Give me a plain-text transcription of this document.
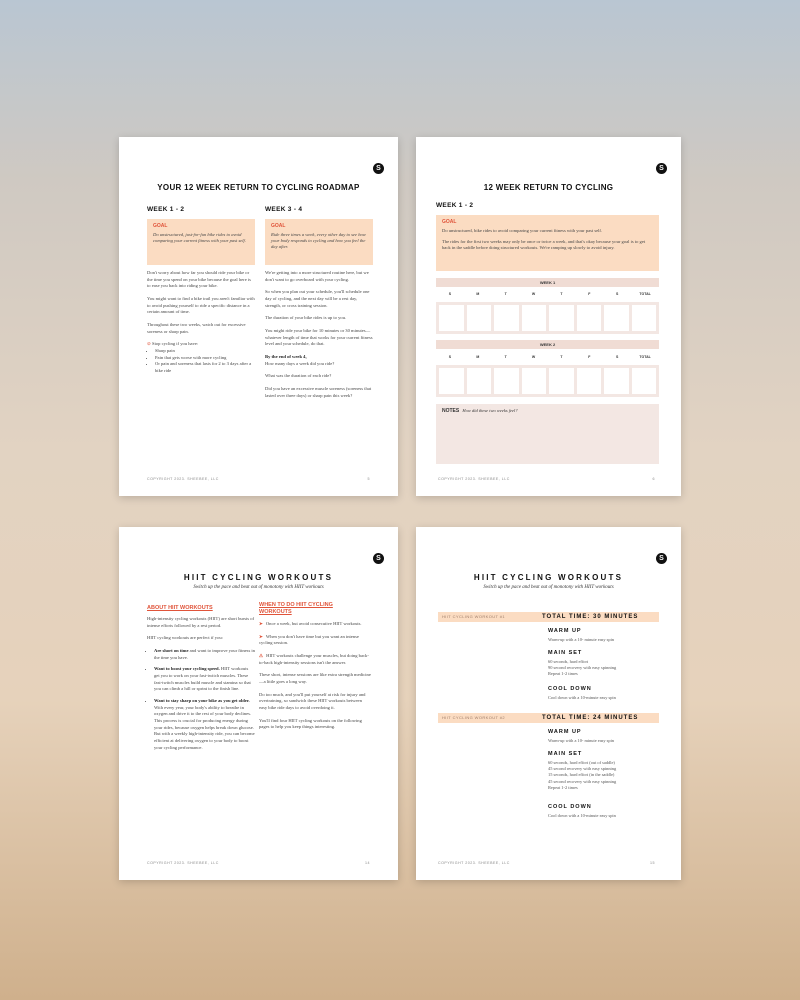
S
YOUR 12 WEEK RETURN TO CYCLING ROADMAP
WEEK 1 - 2
GOAL
Do unstructured, just-for-fun bike rides to avoid comparing your current fitness with your past self.

Don't worry about how far you should ride your bike or the time you spend on your bike because the goal here is to ease you back into riding your bike.

You might want to find a bike trail you aren't familiar with to avoid pushing yourself to ride a specific distance in a certain amount of time.

Throughout these two weeks, watch out for excessive soreness or sharp pain.

⊘ Stop cycling if you have:
• Sharp pain
• Pain that gets worse with more cycling
• Or pain and soreness that lasts for 2 to 3 days after a bike ride
WEEK 3 - 4
GOAL
Ride three times a week, every other day to see how your body responds to cycling and how you feel the day after.

We're getting into a more structured routine here, but we don't want to go overboard with your cycling.

So when you plan out your schedule, you'll schedule one day of cycling, and the next day will be a rest day, strength, or cross training session.

The duration of your bike rides is up to you.

You might ride your bike for 10 minutes or 30 minutes—whatever length of time that works for your current fitness level and your schedule, do that.

By the end of week 4,

How many days a week did you ride?

What was the duration of each ride?

Did you have an excessive muscle soreness (soreness that lasted over three days) or sharp pain this week?

COPYRIGHT 2023. SHEEBEE, LLC	5
S
12 WEEK RETURN TO CYCLING
WEEK 1 - 2
GOAL
Do unstructured, bike rides to avoid comparing your current fitness with your past self.
The rides for the first two weeks may only be once or twice a week, and that's okay because your goal is to get back in the saddle before doing structured workouts. We're ramping up slowly to avoid injury.
WEEK 1
S	M	T	W	T	F	S	TOTAL
WEEK 2
S	M	T	W	T	F	S	TOTAL
NOTES How did these two weeks feel?
COPYRIGHT 2023. SHEEBEE, LLC	6
S
HIIT CYCLING WORKOUTS
Switch up the pace and beat out of monotony with HIIT workouts
ABOUT HIIT WORKOUTS

High-intensity cycling workouts (HIIT) are short bursts of intense efforts followed by a rest period.

HIIT cycling workouts are perfect if you:

• Are short on time and want to improve your fitness in the time you have.
• Want to boost your cycling speed. HIIT workouts get you to work on your fast-twitch muscles. These fast-twitch muscles build muscle and stamina so that you can climb a hill or sprint to the finish line.
• Want to stay sharp on your bike as you get older. With every year, your body's ability to breathe in oxygen and drive it to the rest of your body declines. This process is crucial for producing energy during your rides, because oxygen helps break down glucose. But with a weekly high-intensity ride, you can become efficient at delivering oxygen to your body to boost your cycling performance.
WHEN TO DO HIIT CYCLING WORKOUTS

➤ Once a week, but avoid consecutive HIIT workouts.

➤ When you don't have time but you want an intense cycling session.

⚠ HIIT workouts challenge your muscles, but doing back-to-back high-intensity sessions isn't the answer.

These short, intense sessions are like extra strength medicine—a little goes a long way.

Do too much, and you'll put yourself at risk for injury and overtraining, so sandwich these HIIT workouts between easy bike ride days to avoid overdoing it.

You'll find four HIIT cycling workouts on the following pages to help you keep things interesting.

COPYRIGHT 2023. SHEEBEE, LLC	14
S
HIIT CYCLING WORKOUTS
Switch up the pace and beat out of monotony with HIIT workouts
HIIT CYCLING WORKOUT #1	TOTAL TIME: 30 MINUTES
WARM UP
Warm-up with a 10- minute easy spin
MAIN SET
60 seconds, hard effort
90 second recovery with easy spinning
Repeat 1-2 times
COOL DOWN
Cool down with a 10-minute easy spin
HIIT CYCLING WORKOUT #2	TOTAL TIME: 24 MINUTES
WARM UP
Warm-up with a 10- minute easy spin
MAIN SET
60 seconds, hard effort (out of saddle)
45 second recovery with easy spinning
15 seconds, hard effort (in the saddle)
45 second recovery with easy spinning
Repeat 1-2 times
COOL DOWN
Cool down with a 10-minute easy spin
COPYRIGHT 2023. SHEEBEE, LLC	15
